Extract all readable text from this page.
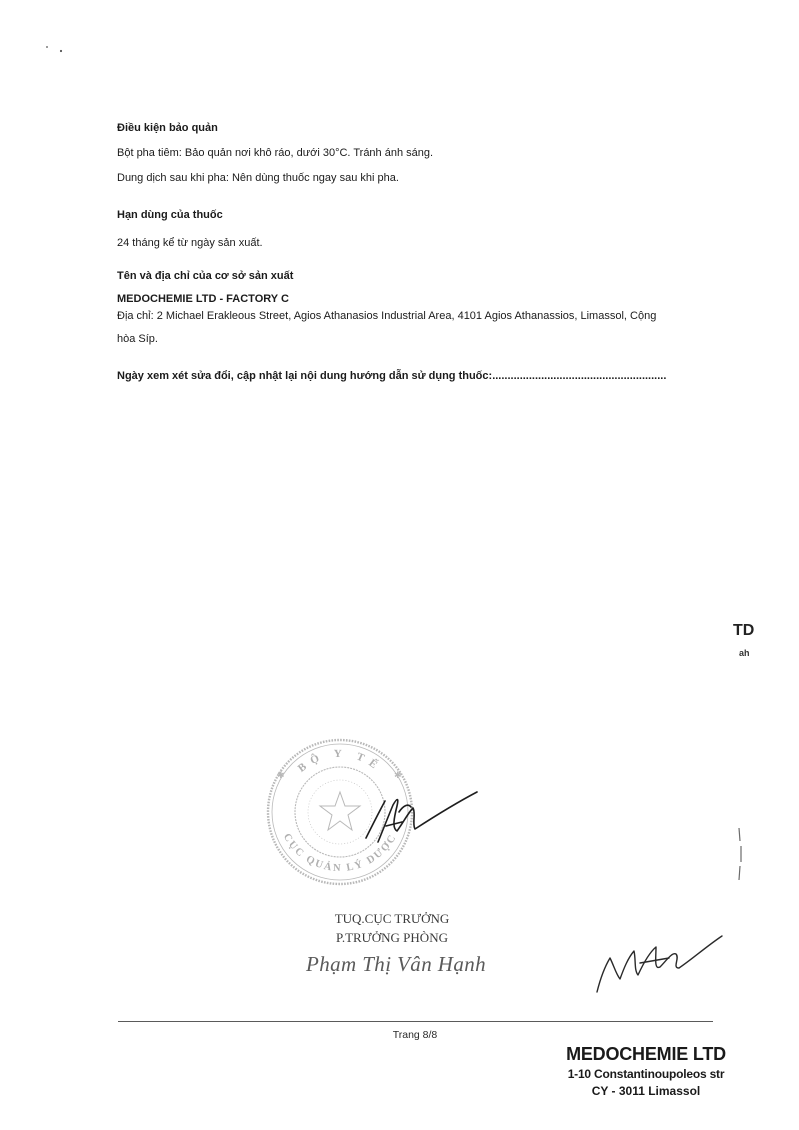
Điều kiện bảo quản
Bột pha tiêm: Bảo quản nơi khô ráo, dưới 30°C. Tránh ánh sáng.
Dung dịch sau khi pha: Nên dùng thuốc ngay sau khi pha.
Hạn dùng của thuốc
24 tháng kể từ ngày sản xuất.
Tên và địa chỉ của cơ sở sản xuất
MEDOCHEMIE LTD - FACTORY C
Địa chỉ: 2 Michael Erakleous Street, Agios Athanasios Industrial Area, 4101 Agios Athanassios, Limassol, Cộng
hòa Síp.
Ngày xem xét sửa đổi, cập nhật lại nội dung hướng dẫn sử dụng thuốc:.........................................................
TD
ah
BỘ Y TẾ
CỤC QUẢN LÝ DƯỢC
✱	✱
TUQ.CỤC TRƯỞNG
P.TRƯỞNG PHÒNG
Phạm Thị Vân Hạnh
Trang 8/8
MEDOCHEMIE LTD
1-10 Constantinoupoleos str
CY - 3011 Limassol
